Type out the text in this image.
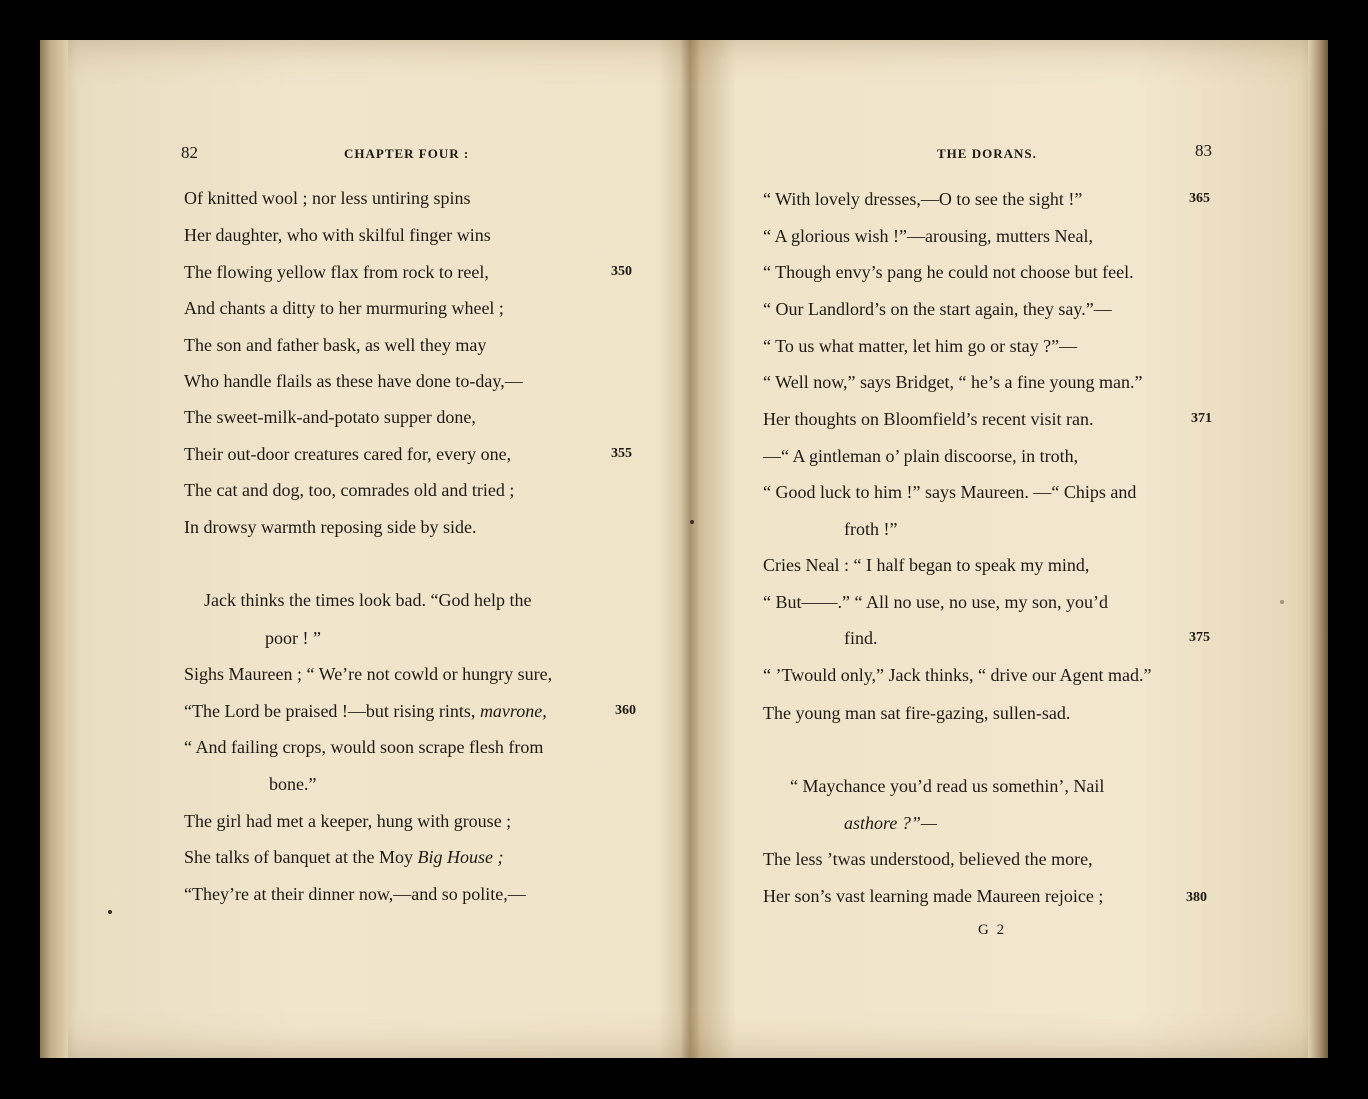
82	CHAPTER FOUR :
Of knitted wool ; nor less untiring spins
Her daughter, who with skilful finger wins
The flowing yellow flax from rock to reel,	350
And chants a ditty to her murmuring wheel ;
The son and father bask, as well they may
Who handle flails as these have done to-day,—
The sweet-milk-and-potato supper done,
Their out-door creatures cared for, every one,	355
The cat and dog, too, comrades old and tried ;
In drowsy warmth reposing side by side.
Jack thinks the times look bad. “God help the
poor ! ”
Sighs Maureen ; “ We’re not cowld or hungry sure,
“The Lord be praised !—but rising rints, mavrone,	360
“ And failing crops, would soon scrape flesh from
bone.”
The girl had met a keeper, hung with grouse ;
She talks of banquet at the Moy Big House ;
“They’re at their dinner now,—and so polite,—
THE DORANS.	83
“ With lovely dresses,—O to see the sight !”	365
“ A glorious wish !”—arousing, mutters Neal,
“ Though envy’s pang he could not choose but feel.
“ Our Landlord’s on the start again, they say.”—
“ To us what matter, let him go or stay ?”—
“ Well now,” says Bridget, “ he’s a fine young man.”
Her thoughts on Bloomfield’s recent visit ran.	371
—“ A gintleman o’ plain discoorse, in troth,
“ Good luck to him !” says Maureen. —“ Chips and
froth !”
Cries Neal : “ I half began to speak my mind,
“ But——.” “ All no use, no use, my son, you’d
find.	375
“ ’Twould only,” Jack thinks, “ drive our Agent mad.”
The young man sat fire-gazing, sullen-sad.
“ Maychance you’d read us somethin’, Nail
asthore ?”—
The less ’twas understood, believed the more,
Her son’s vast learning made Maureen rejoice ;	380
G 2
